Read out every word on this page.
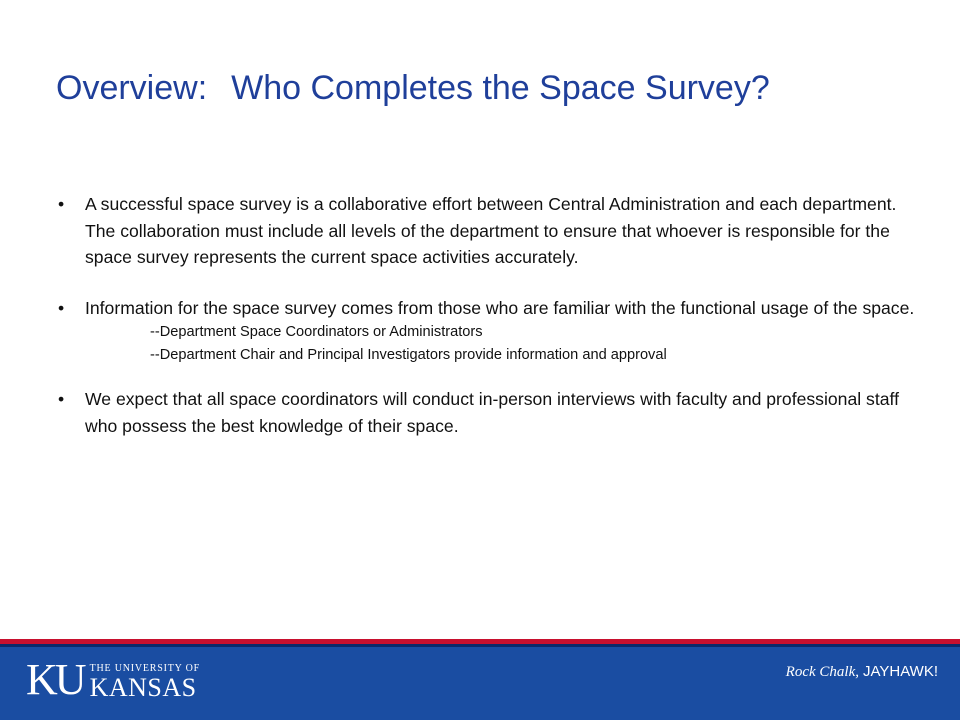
Overview: Who Completes the Space Survey?
• A successful space survey is a collaborative effort between Central Administration and each department. The collaboration must include all levels of the department to ensure that whoever is responsible for the space survey represents the current space activities accurately.
• Information for the space survey comes from those who are familiar with the functional usage of the space.
--Department Space Coordinators or Administrators
--Department Chair and Principal Investigators provide information and approval
• We expect that all space coordinators will conduct in-person interviews with faculty and professional staff who possess the best knowledge of their space.
KU THE UNIVERSITY OF
KANSAS
Rock Chalk, JAYHAWK!
